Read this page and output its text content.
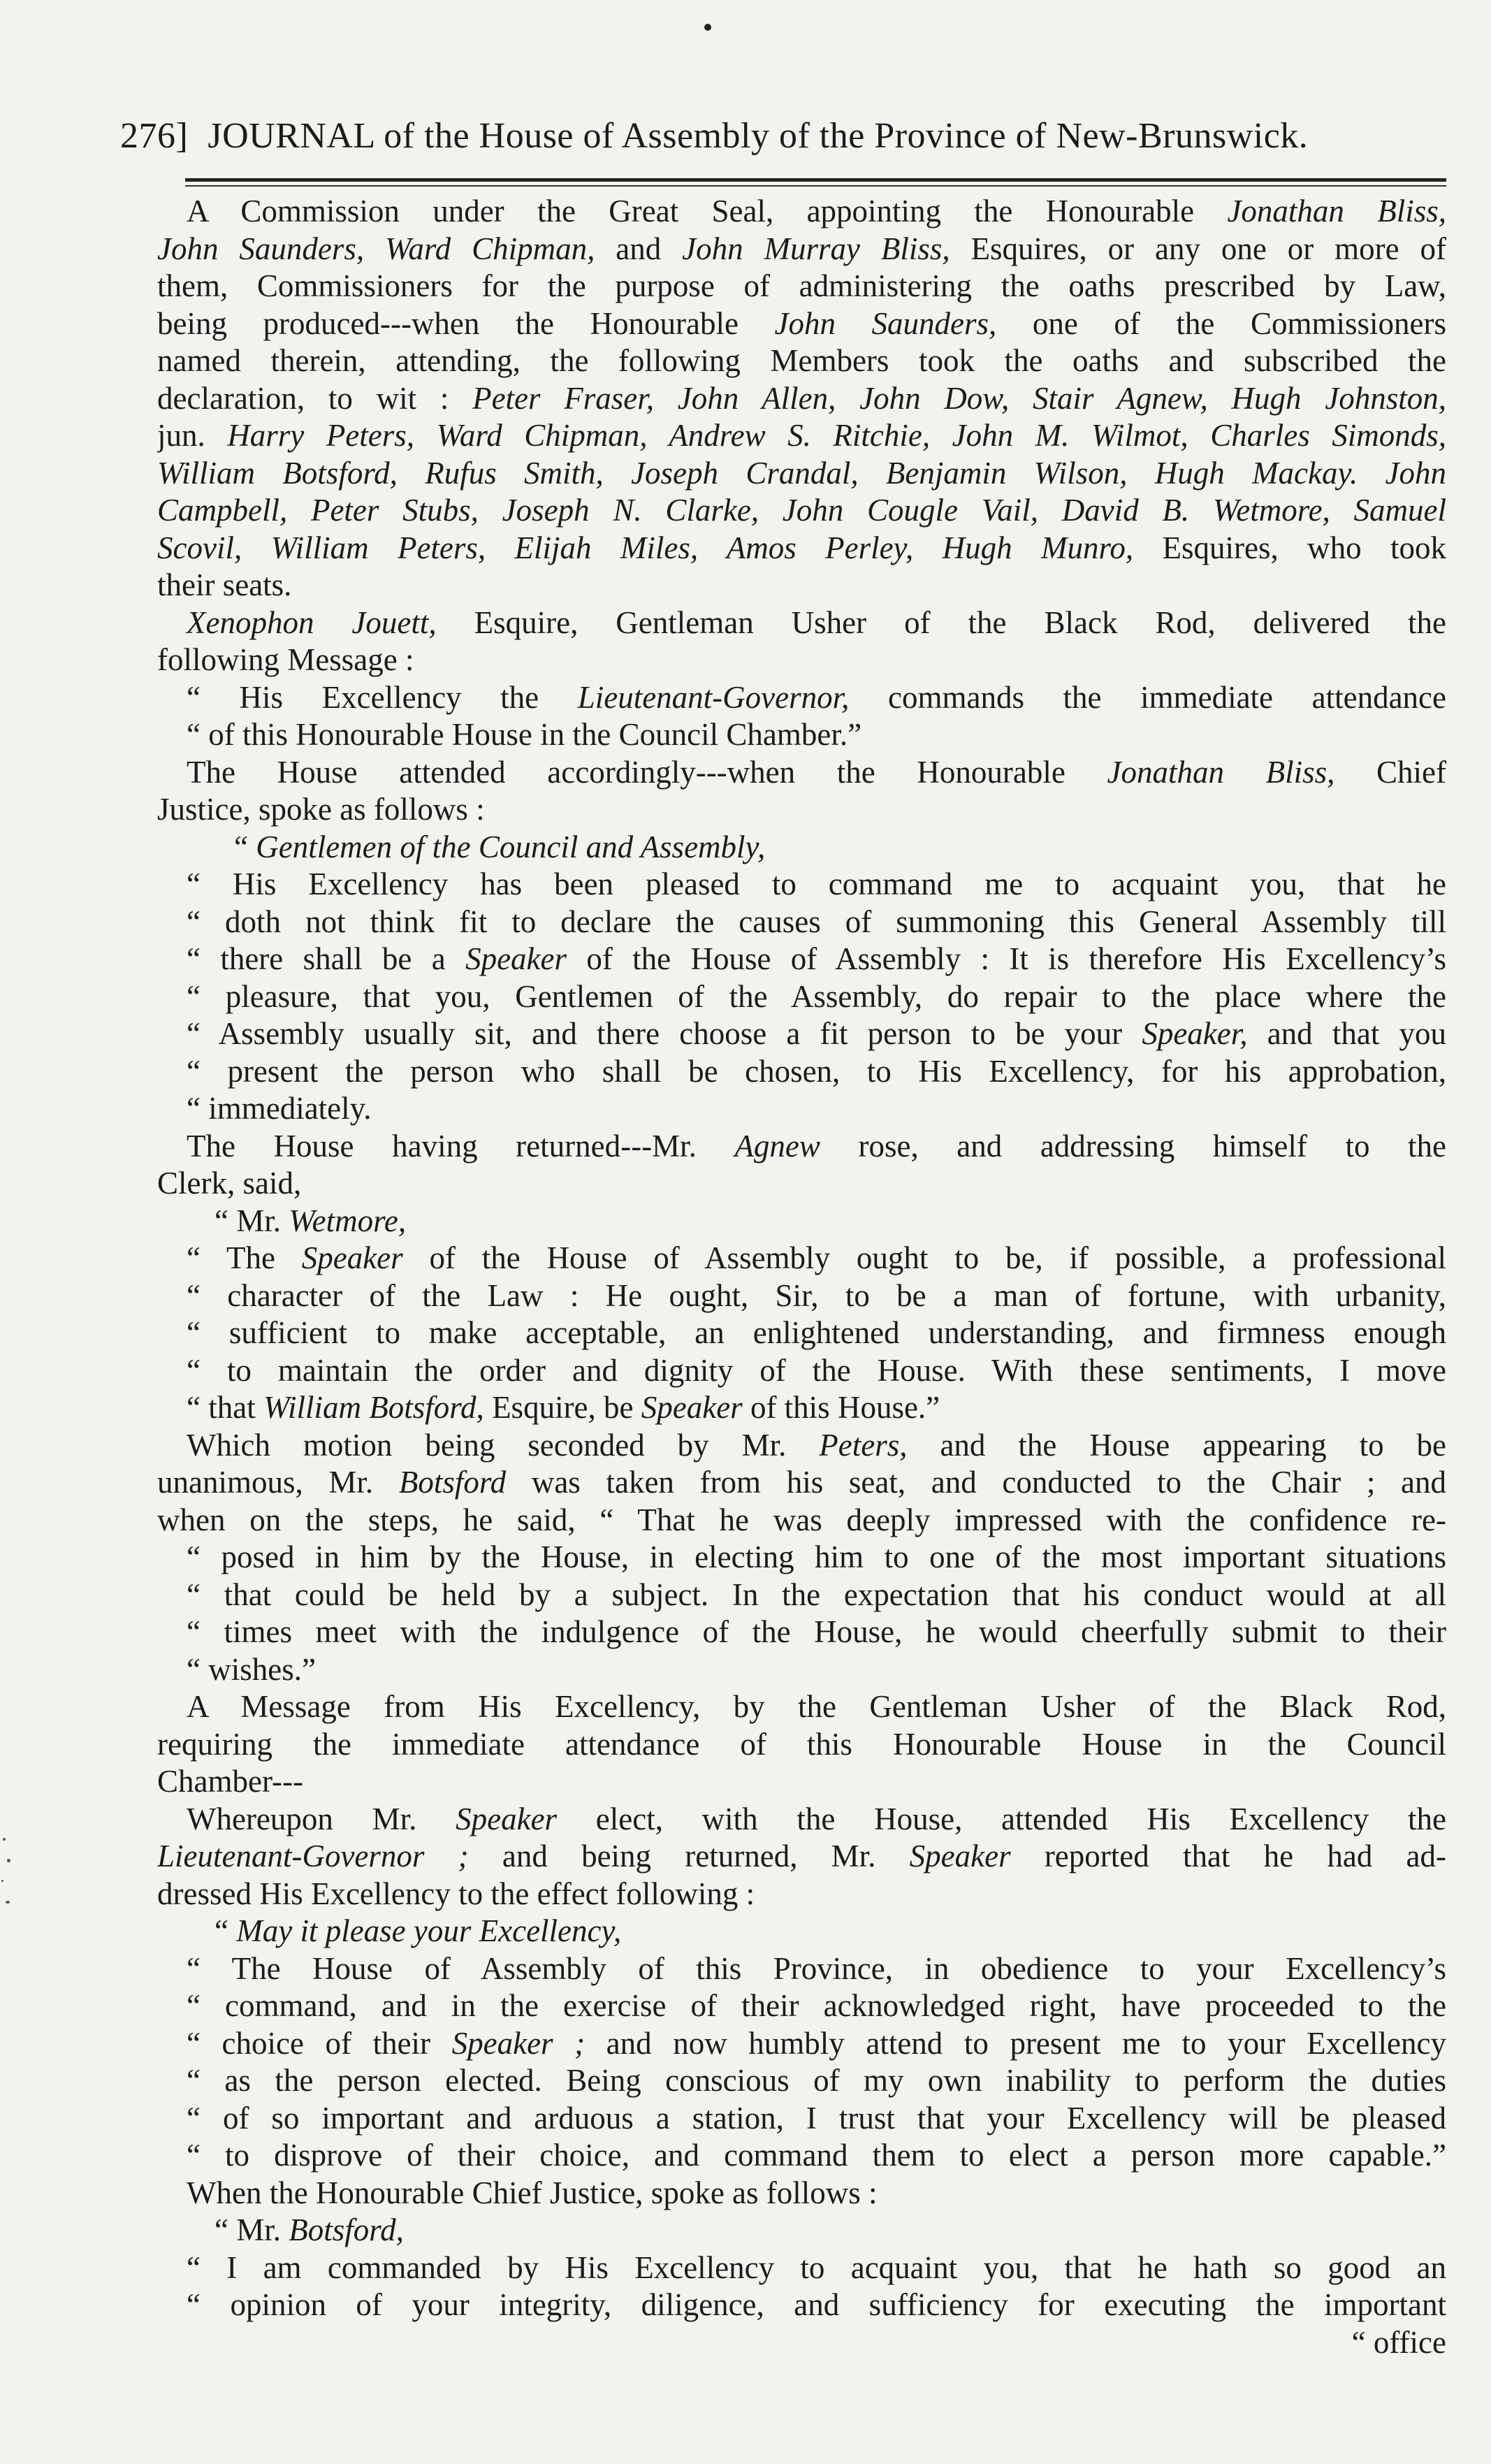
276] JOURNAL of the House of Assembly of the Province of New-Brunswick.
A Commission under the Great Seal, appointing the Honourable Jonathan Bliss,
John Saunders, Ward Chipman, and John Murray Bliss, Esquires, or any one or more of
them, Commissioners for the purpose of administering the oaths prescribed by Law,
being produced---when the Honourable John Saunders, one of the Commissioners
named therein, attending, the following Members took the oaths and subscribed the
declaration, to wit : Peter Fraser, John Allen, John Dow, Stair Agnew, Hugh Johnston,
jun. Harry Peters, Ward Chipman, Andrew S. Ritchie, John M. Wilmot, Charles Simonds,
William Botsford, Rufus Smith, Joseph Crandal, Benjamin Wilson, Hugh Mackay. John
Campbell, Peter Stubs, Joseph N. Clarke, John Cougle Vail, David B. Wetmore, Samuel
Scovil, William Peters, Elijah Miles, Amos Perley, Hugh Munro, Esquires, who took
their seats.
Xenophon Jouett, Esquire, Gentleman Usher of the Black Rod, delivered the
following Message :
“ His Excellency the Lieutenant-Governor, commands the immediate attendance
“ of this Honourable House in the Council Chamber.”
The House attended accordingly---when the Honourable Jonathan Bliss, Chief
Justice, spoke as follows :
“ Gentlemen of the Council and Assembly,
“ His Excellency has been pleased to command me to acquaint you, that he
“ doth not think fit to declare the causes of summoning this General Assembly till
“ there shall be a Speaker of the House of Assembly : It is therefore His Excellency’s
“ pleasure, that you, Gentlemen of the Assembly, do repair to the place where the
“ Assembly usually sit, and there choose a fit person to be your Speaker, and that you
“ present the person who shall be chosen, to His Excellency, for his approbation,
“ immediately.
The House having returned---Mr. Agnew rose, and addressing himself to the
Clerk, said,
“ Mr. Wetmore,
“ The Speaker of the House of Assembly ought to be, if possible, a professional
“ character of the Law : He ought, Sir, to be a man of fortune, with urbanity,
“ sufficient to make acceptable, an enlightened understanding, and firmness enough
“ to maintain the order and dignity of the House. With these sentiments, I move
“ that William Botsford, Esquire, be Speaker of this House.”
Which motion being seconded by Mr. Peters, and the House appearing to be
unanimous, Mr. Botsford was taken from his seat, and conducted to the Chair ; and
when on the steps, he said, “ That he was deeply impressed with the confidence re-
“ posed in him by the House, in electing him to one of the most important situations
“ that could be held by a subject. In the expectation that his conduct would at all
“ times meet with the indulgence of the House, he would cheerfully submit to their
“ wishes.”
A Message from His Excellency, by the Gentleman Usher of the Black Rod,
requiring the immediate attendance of this Honourable House in the Council
Chamber---
Whereupon Mr. Speaker elect, with the House, attended His Excellency the
Lieutenant-Governor ; and being returned, Mr. Speaker reported that he had ad-
dressed His Excellency to the effect following :
“ May it please your Excellency,
“ The House of Assembly of this Province, in obedience to your Excellency’s
“ command, and in the exercise of their acknowledged right, have proceeded to the
“ choice of their Speaker ; and now humbly attend to present me to your Excellency
“ as the person elected. Being conscious of my own inability to perform the duties
“ of so important and arduous a station, I trust that your Excellency will be pleased
“ to disprove of their choice, and command them to elect a person more capable.”
When the Honourable Chief Justice, spoke as follows :
“ Mr. Botsford,
“ I am commanded by His Excellency to acquaint you, that he hath so good an
“ opinion of your integrity, diligence, and sufficiency for executing the important
“ office
